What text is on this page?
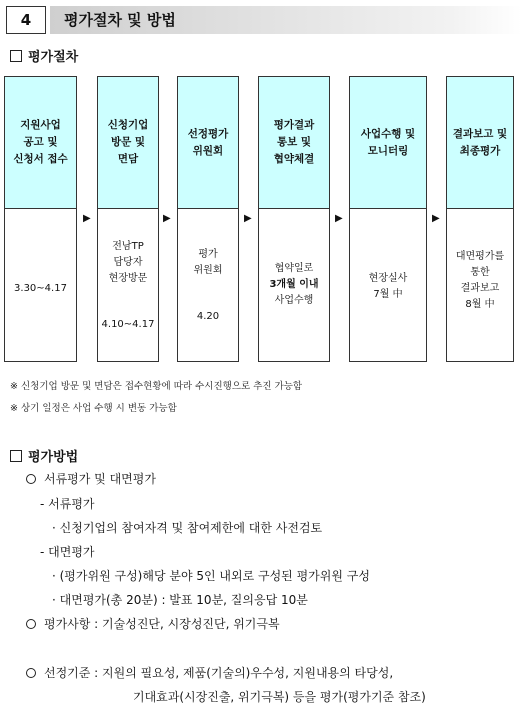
4	평가절차 및 방법
평가절차
지원사업
공고 및
신청서 접수
3.30~4.17
▶
신청기업
방문 및
면담
전남TP
담당자
현장방문
4.10~4.17
▶
선정평가
위원회
평가
위원회
4.20
▶
평가결과
통보 및
협약체결
협약일로
3개월 이내
사업수행
▶
사업수행 및
모니터링
현장실사
7월 中
▶
결과보고 및
최종평가
대면평가를
통한
결과보고
8월 中
※ 신청기업 방문 및 면담은 접수현황에 따라 수시진행으로 추진 가능함
※ 상기 일정은 사업 수행 시 변동 가능함
평가방법
서류평가 및 대면평가
- 서류평가
· 신청기업의 참여자격 및 참여제한에 대한 사전검토
- 대면평가
· (평가위원 구성)해당 분야 5인 내외로 구성된 평가위원 구성
· 대면평가(총 20분) : 발표 10분, 질의응답 10분
평가사항 : 기술성진단, 시장성진단, 위기극복
선정기준 : 지원의 필요성, 제품(기술의)우수성, 지원내용의 타당성,
기대효과(시장진출, 위기극복) 등을 평가(평가기준 참조)
